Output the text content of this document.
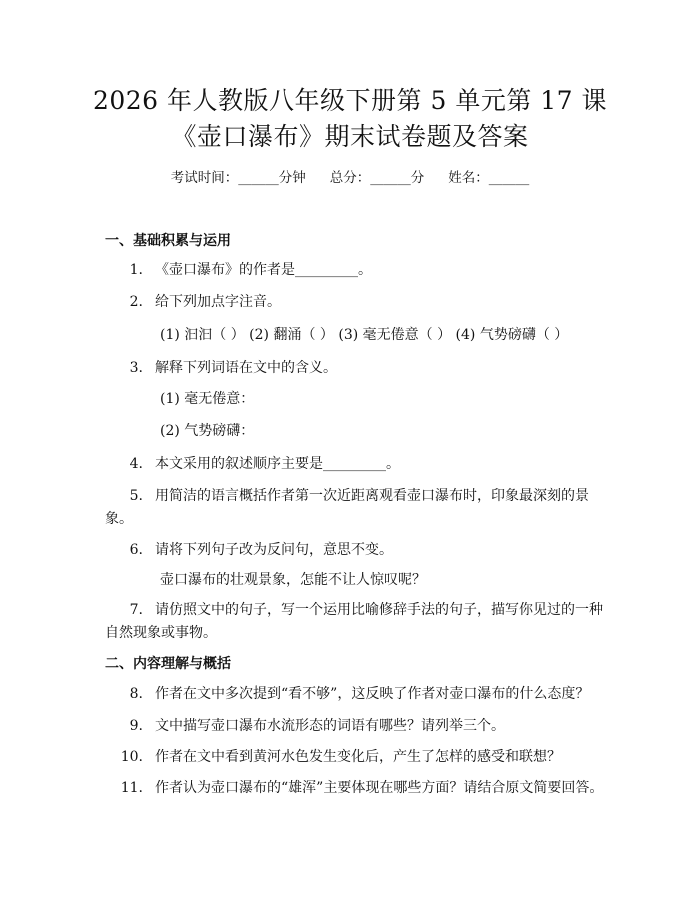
2026 年人教版八年级下册第 5 单元第 17 课
《壶口瀑布》期末试卷题及答案
考试时间：______分钟 总分：______分 姓名：______
一、基础积累与运用
1. 《壶口瀑布》的作者是_________。
2. 给下列加点字注音。
(1) 汩汩（ ） (2) 翻涌（ ） (3) 毫无倦意（ ） (4) 气势磅礴（ ）
3. 解释下列词语在文中的含义。
(1) 毫无倦意：
(2) 气势磅礴：
4. 本文采用的叙述顺序主要是_________。
5. 用简洁的语言概括作者第一次近距离观看壶口瀑布时，印象最深刻的景象。
6. 请将下列句子改为反问句，意思不变。
壶口瀑布的壮观景象，怎能不让人惊叹呢？
7. 请仿照文中的句子，写一个运用比喻修辞手法的句子，描写你见过的一种自然现象或事物。
二、内容理解与概括
8. 作者在文中多次提到“看不够”，这反映了作者对壶口瀑布的什么态度？
9. 文中描写壶口瀑布水流形态的词语有哪些？请列举三个。
10. 作者在文中看到黄河水色发生变化后，产生了怎样的感受和联想？
11. 作者认为壶口瀑布的“雄浑”主要体现在哪些方面？请结合原文简要回答。
